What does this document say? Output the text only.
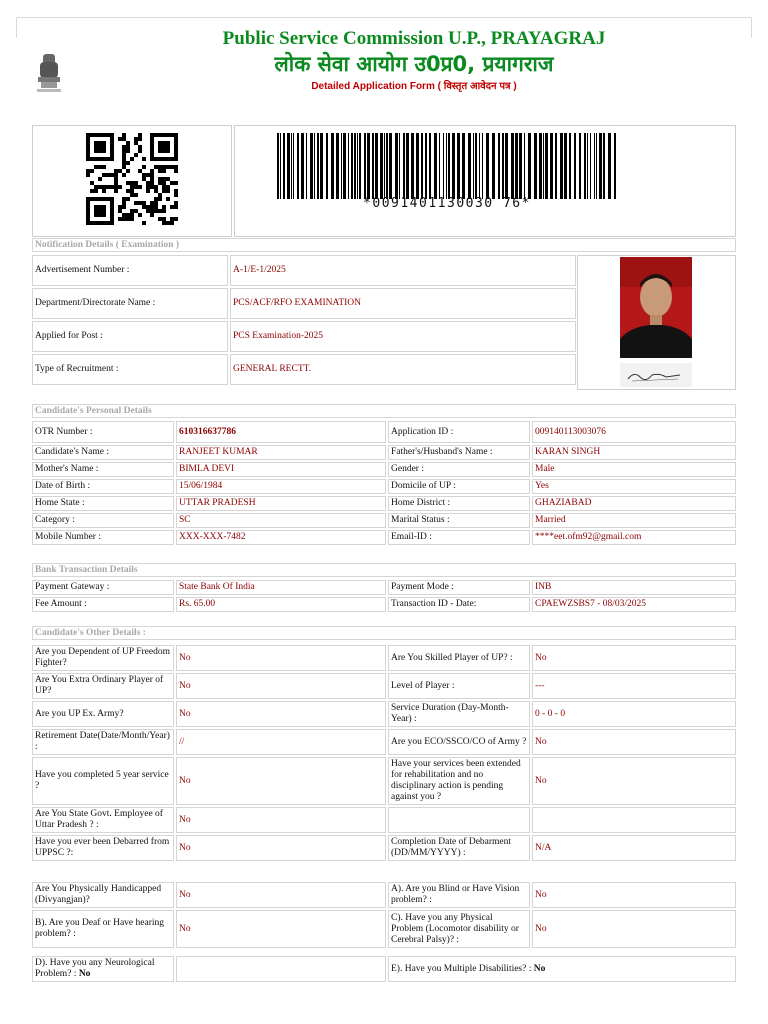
Public Service Commission U.P., PRAYAGRAJ
लोक सेवा आयोग उ0प्र0, प्रयागराज
Detailed Application Form ( विस्तृत आवेदन पत्र )
*0091401130030 76*
Notification Details ( Examination )
Advertisement Number :	A-1/E-1/2025
Department/Directorate Name :	PCS/ACF/RFO EXAMINATION
Applied for Post :	PCS Examination-2025
Type of Recruitment :	GENERAL RECTT.
Candidate's Personal Details
OTR Number :	610316637786	Application ID :	009140113003076
Candidate's Name :	RANJEET KUMAR	Father's/Husband's Name :	KARAN SINGH
Mother's Name :	BIMLA DEVI	Gender :	Male
Date of Birth :	15/06/1984	Domicile of UP :	Yes
Home State :	UTTAR PRADESH	Home District :	GHAZIABAD
Category :	SC	Marital Status :	Married
Mobile Number :	XXX-XXX-7482	Email-ID :	****eet.ofm92@gmail.com
Bank Transaction Details
Payment Gateway :	State Bank Of India	Payment Mode :	INB
Fee Amount :	Rs. 65.00	Transaction ID - Date:	CPAEWZSBS7 - 08/03/2025
Candidate's Other Details :
Are you Dependent of UP Freedom Fighter?	No	Are You Skilled Player of UP? :	No
Are You Extra Ordinary Player of UP?	No	Level of Player :	---
Are you UP Ex. Army?	No	Service Duration (Day-Month-Year) :	0 - 0 - 0
Retirement Date(Date/Month/Year) :	//	Are you ECO/SSCO/CO of Army ?	No
Have you completed 5 year service ?	No	Have your services been extended for rehabilitation and no disciplinary action is pending against you ?	No
Are You State Govt. Employee of Uttar Pradesh ? :	No		
Have you ever been Debarred from UPPSC ?:	No	Completion Date of Debarment (DD/MM/YYYY) :	N/A
Are You Physically Handicapped (Divyangjan)?	No	A). Are you Blind or Have Vision problem? :	No
B). Are you Deaf or Have hearing problem? :	No	C). Have you any Physical Problem (Locomotor disability or Cerebral Palsy)? :	No
D). Have you any Neurological Problem? : No		E). Have you Multiple Disabilities? : No
